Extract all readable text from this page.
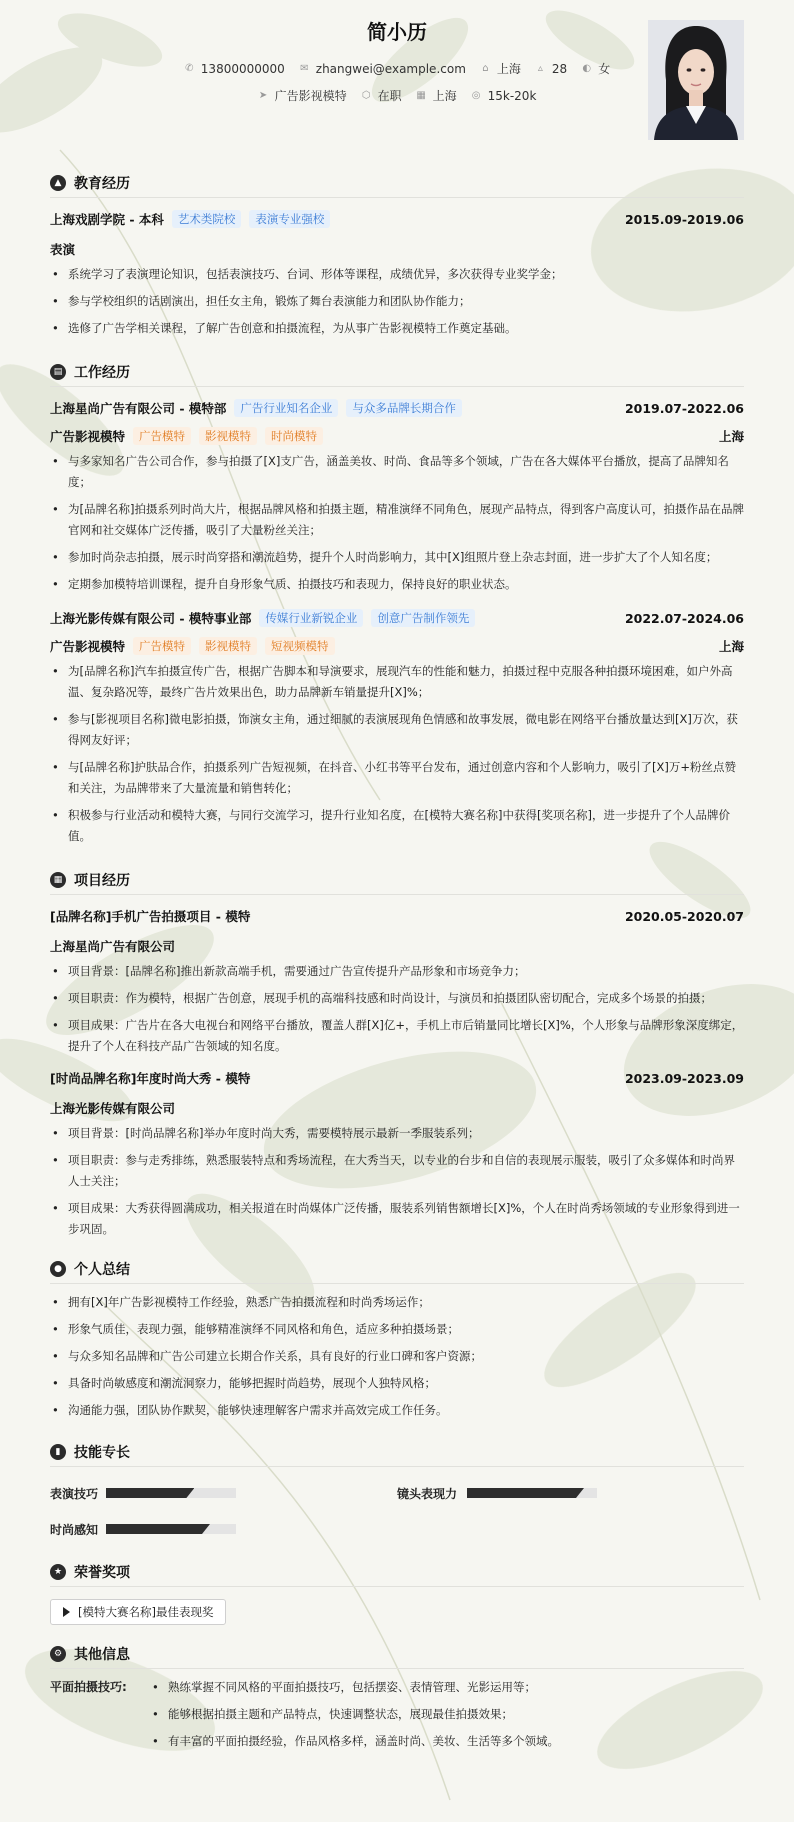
简小历
✆ 13800000000 ✉ zhangwei@example.com ⌂ 上海 ▵ 28 ◐ 女
➤ 广告影视模特 ⬡ 在职 ▦ 上海 ◎ 15k-20k
▲ 教育经历
上海戏剧学院 - 本科	艺术类院校	表演专业强校	2015.09-2019.06
表演
• 系统学习了表演理论知识，包括表演技巧、台词、形体等课程，成绩优异，多次获得专业奖学金；
• 参与学校组织的话剧演出，担任女主角，锻炼了舞台表演能力和团队协作能力；
• 选修了广告学相关课程，了解广告创意和拍摄流程，为从事广告影视模特工作奠定基础。
▤ 工作经历
上海星尚广告有限公司 - 模特部	广告行业知名企业	与众多品牌长期合作	2019.07-2022.06
广告影视模特	广告模特	影视模特	时尚模特	上海
• 与多家知名广告公司合作，参与拍摄了[X]支广告，涵盖美妆、时尚、食品等多个领域，广告在各大媒体平台播放，提高了品牌知名度；
• 为[品牌名称]拍摄系列时尚大片，根据品牌风格和拍摄主题，精准演绎不同角色，展现产品特点，得到客户高度认可，拍摄作品在品牌官网和社交媒体广泛传播，吸引了大量粉丝关注；
• 参加时尚杂志拍摄，展示时尚穿搭和潮流趋势，提升个人时尚影响力，其中[X]组照片登上杂志封面，进一步扩大了个人知名度；
• 定期参加模特培训课程，提升自身形象气质、拍摄技巧和表现力，保持良好的职业状态。
上海光影传媒有限公司 - 模特事业部	传媒行业新锐企业	创意广告制作领先	2022.07-2024.06
广告影视模特	广告模特	影视模特	短视频模特	上海
• 为[品牌名称]汽车拍摄宣传广告，根据广告脚本和导演要求，展现汽车的性能和魅力，拍摄过程中克服各种拍摄环境困难，如户外高温、复杂路况等，最终广告片效果出色，助力品牌新车销量提升[X]%；
• 参与[影视项目名称]微电影拍摄，饰演女主角，通过细腻的表演展现角色情感和故事发展，微电影在网络平台播放量达到[X]万次，获得网友好评；
• 与[品牌名称]护肤品合作，拍摄系列广告短视频，在抖音、小红书等平台发布，通过创意内容和个人影响力，吸引了[X]万+粉丝点赞和关注，为品牌带来了大量流量和销售转化；
• 积极参与行业活动和模特大赛，与同行交流学习，提升行业知名度，在[模特大赛名称]中获得[奖项名称]，进一步提升了个人品牌价值。
▦ 项目经历
[品牌名称]手机广告拍摄项目 - 模特	2020.05-2020.07
上海星尚广告有限公司
• 项目背景：[品牌名称]推出新款高端手机，需要通过广告宣传提升产品形象和市场竞争力；
• 项目职责：作为模特，根据广告创意，展现手机的高端科技感和时尚设计，与演员和拍摄团队密切配合，完成多个场景的拍摄；
• 项目成果：广告片在各大电视台和网络平台播放，覆盖人群[X]亿+，手机上市后销量同比增长[X]%，个人形象与品牌形象深度绑定，提升了个人在科技产品广告领域的知名度。
[时尚品牌名称]年度时尚大秀 - 模特	2023.09-2023.09
上海光影传媒有限公司
• 项目背景：[时尚品牌名称]举办年度时尚大秀，需要模特展示最新一季服装系列；
• 项目职责：参与走秀排练，熟悉服装特点和秀场流程，在大秀当天，以专业的台步和自信的表现展示服装，吸引了众多媒体和时尚界人士关注；
• 项目成果：大秀获得圆满成功，相关报道在时尚媒体广泛传播，服装系列销售额增长[X]%，个人在时尚秀场领域的专业形象得到进一步巩固。
● 个人总结
• 拥有[X]年广告影视模特工作经验，熟悉广告拍摄流程和时尚秀场运作；
• 形象气质佳，表现力强，能够精准演绎不同风格和角色，适应多种拍摄场景；
• 与众多知名品牌和广告公司建立长期合作关系，具有良好的行业口碑和客户资源；
• 具备时尚敏感度和潮流洞察力，能够把握时尚趋势，展现个人独特风格；
• 沟通能力强，团队协作默契，能够快速理解客户需求并高效完成工作任务。
▮ 技能专长
表演技巧	镜头表现力
时尚感知
★ 荣誉奖项
[模特大赛名称]最佳表现奖
⚙ 其他信息
平面拍摄技巧:
•	熟练掌握不同风格的平面拍摄技巧，包括摆姿、表情管理、光影运用等；
• 能够根据拍摄主题和产品特点，快速调整状态，展现最佳拍摄效果；
• 有丰富的平面拍摄经验，作品风格多样，涵盖时尚、美妆、生活等多个领域。
